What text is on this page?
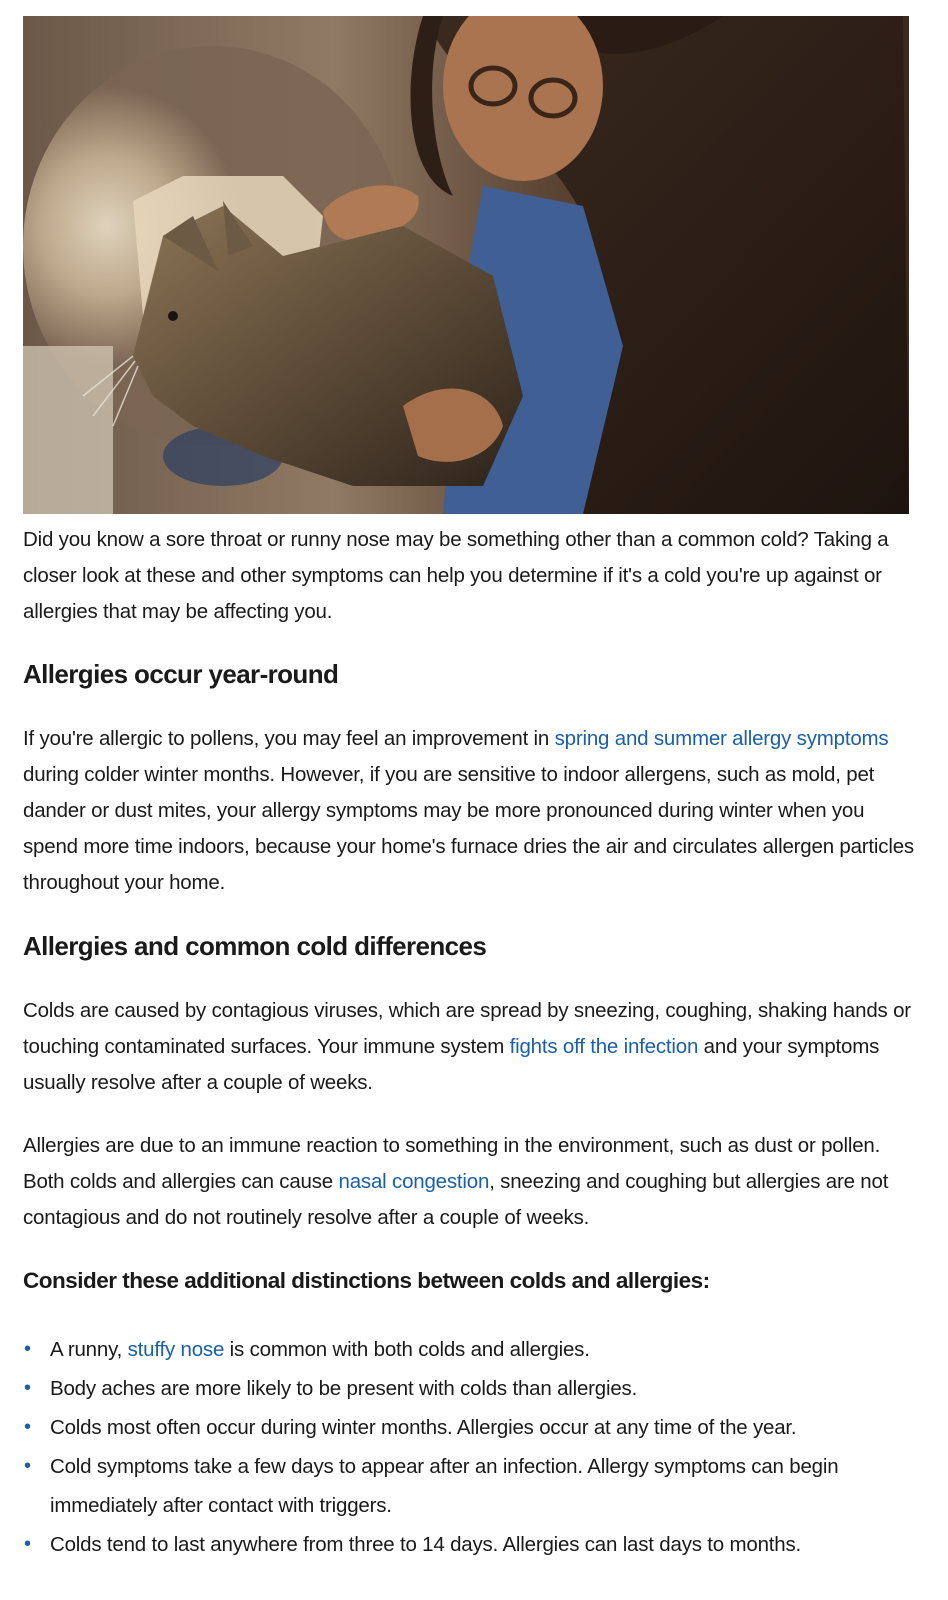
Did you know a sore throat or runny nose may be something other than a common cold? Taking a closer look at these and other symptoms can help you determine if it's a cold you're up against or allergies that may be affecting you.

Allergies occur year-round

If you're allergic to pollens, you may feel an improvement in spring and summer allergy symptoms during colder winter months. However, if you are sensitive to indoor allergens, such as mold, pet dander or dust mites, your allergy symptoms may be more pronounced during winter when you spend more time indoors, because your home's furnace dries the air and circulates allergen particles throughout your home.

Allergies and common cold differences

Colds are caused by contagious viruses, which are spread by sneezing, coughing, shaking hands or touching contaminated surfaces. Your immune system fights off the infection and your symptoms usually resolve after a couple of weeks.

Allergies are due to an immune reaction to something in the environment, such as dust or pollen. Both colds and allergies can cause nasal congestion, sneezing and coughing but allergies are not contagious and do not routinely resolve after a couple of weeks.

Consider these additional distinctions between colds and allergies:
• A runny, stuffy nose is common with both colds and allergies.
• Body aches are more likely to be present with colds than allergies.
• Colds most often occur during winter months. Allergies occur at any time of the year.
• Cold symptoms take a few days to appear after an infection. Allergy symptoms can begin immediately after contact with triggers.
• Colds tend to last anywhere from three to 14 days. Allergies can last days to months.
